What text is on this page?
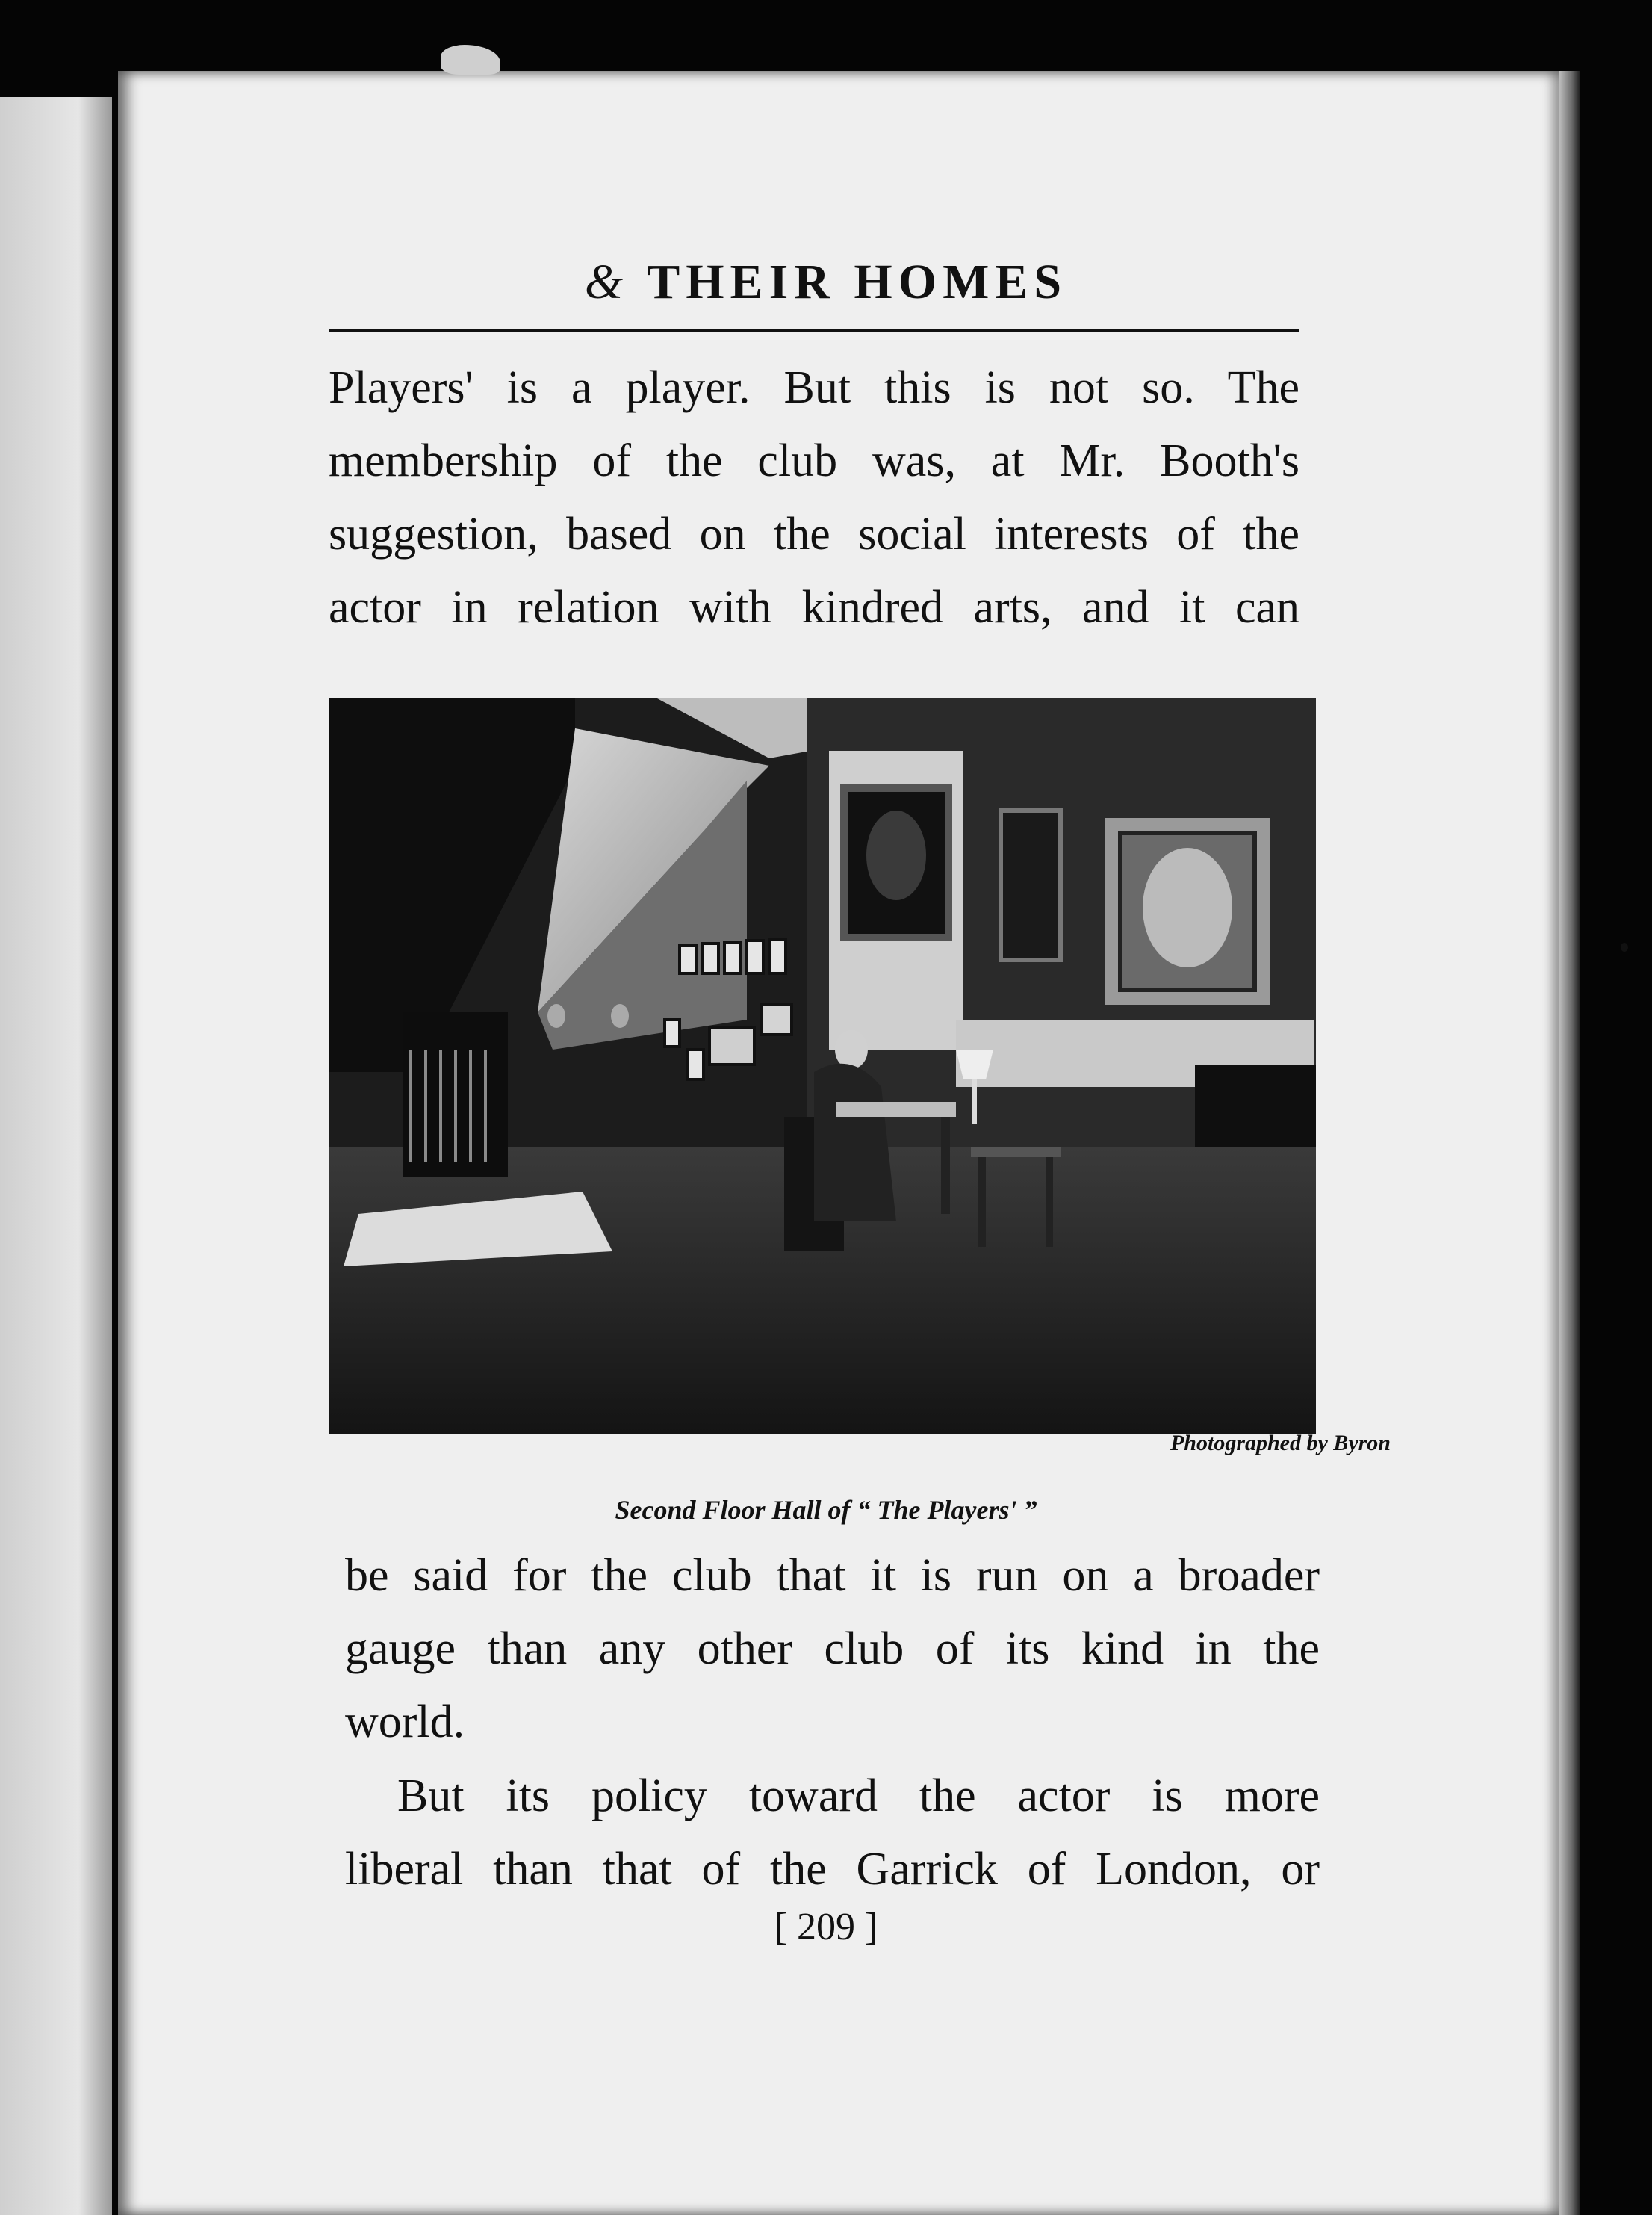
& THEIR HOMES
Players' is a player. But this is not so. The
membership of the club was, at Mr. Booth's
suggestion, based on the social interests of the
actor in relation with kindred arts, and it can
Photographed by Byron
Second Floor Hall of “ The Players' ”
be said for the club that it is run on a broader
gauge than any other club of its kind in the
world.
But its policy toward the actor is more
liberal than that of the Garrick of London, or
[ 209 ]
